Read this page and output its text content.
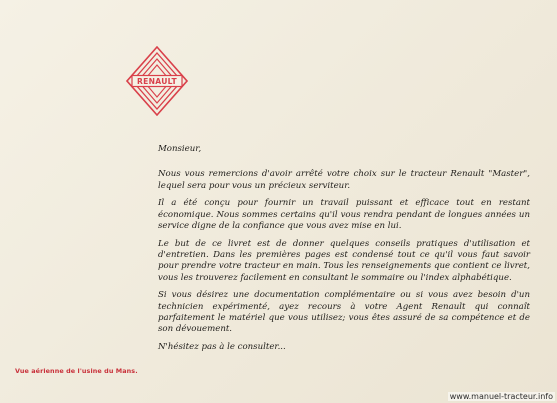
RENAULT

Monsieur,

Nous vous remercions d'avoir arrêté votre choix sur le tracteur Renault "Master", lequel sera pour vous un précieux serviteur.

Il a été conçu pour fournir un travail puissant et efficace tout en restant économique. Nous sommes certains qu'il vous rendra pendant de longues années un service digne de la confiance que vous avez mise en lui.

Le but de ce livret est de donner quelques conseils pratiques d'utilisation et d'entretien. Dans les premières pages est condensé tout ce qu'il vous faut savoir pour prendre votre tracteur en main. Tous les renseignements que contient ce livret, vous les trouverez facilement en consultant le sommaire ou l'index alphabétique.

Si vous désirez une documentation complémentaire ou si vous avez besoin d'un technicien expérimenté, ayez recours à votre Agent Renault qui connaît parfaitement le matériel que vous utilisez; vous êtes assuré de sa compétence et de son dévouement.

N'hésitez pas à le consulter...

Vue aérienne de l'usine du Mans.
www.manuel-tracteur.info
